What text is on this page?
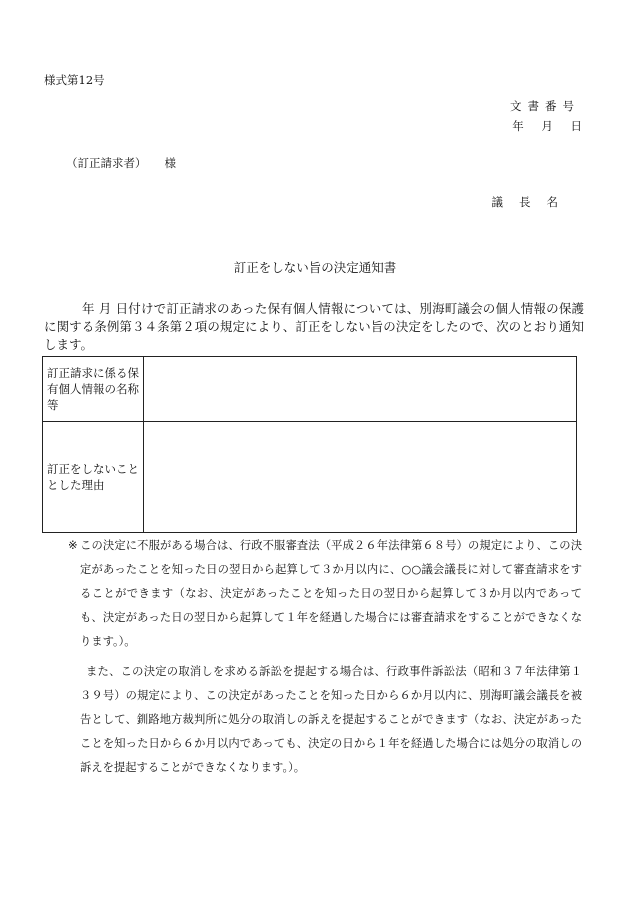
様式第12号
文書番号
年 月 日
（訂正請求者） 様
議長名
訂正をしない旨の決定通知書

年 月 日付けで訂正請求のあった保有個人情報については、別海町議会の個人情報の保護に関する条例第３４条第２項の規定により、訂正をしない旨の決定をしたので、次のとおり通知します。

訂正請求に係る保有個人情報の名称等	
訂正をしないこととした理由	

※ この決定に不服がある場合は、行政不服審査法（平成２６年法律第６８号）の規定により、この決定があったことを知った日の翌日から起算して３か月以内に、○○議会議長に対して審査請求をすることができます（なお、決定があったことを知った日の翌日から起算して３か月以内であっても、決定があった日の翌日から起算して１年を経過した場合には審査請求をすることができなくなります。）。

また、この決定の取消しを求める訴訟を提起する場合は、行政事件訴訟法（昭和３７年法律第１３９号）の規定により、この決定があったことを知った日から６か月以内に、別海町議会議長を被告として、釧路地方裁判所に処分の取消しの訴えを提起することができます（なお、決定があったことを知った日から６か月以内であっても、決定の日から１年を経過した場合には処分の取消しの訴えを提起することができなくなります。）。
